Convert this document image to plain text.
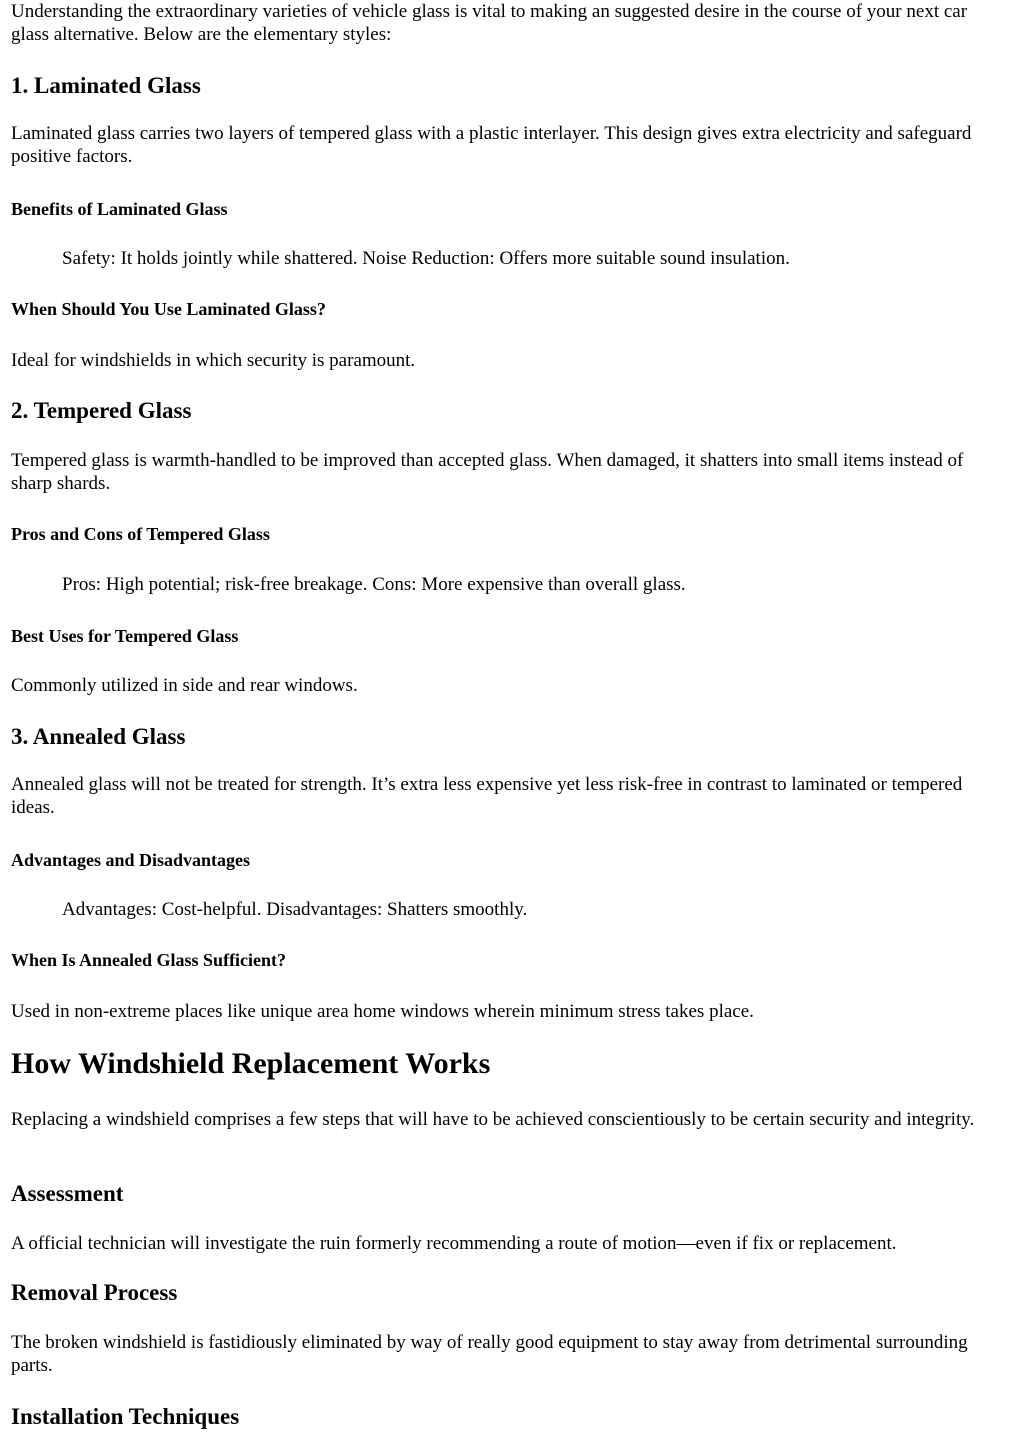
Understanding the extraordinary varieties of vehicle glass is vital to making an suggested desire in the course of your next car glass alternative. Below are the elementary styles:

1. Laminated Glass

Laminated glass carries two layers of tempered glass with a plastic interlayer. This design gives extra electricity and safeguard positive factors.

Benefits of Laminated Glass

Safety: It holds jointly while shattered. Noise Reduction: Offers more suitable sound insulation.

When Should You Use Laminated Glass?

Ideal for windshields in which security is paramount.

2. Tempered Glass

Tempered glass is warmth-handled to be improved than accepted glass. When damaged, it shatters into small items instead of sharp shards.

Pros and Cons of Tempered Glass

Pros: High potential; risk-free breakage. Cons: More expensive than overall glass.

Best Uses for Tempered Glass

Commonly utilized in side and rear windows.

3. Annealed Glass

Annealed glass will not be treated for strength. It’s extra less expensive yet less risk-free in contrast to laminated or tempered ideas.

Advantages and Disadvantages

Advantages: Cost-helpful. Disadvantages: Shatters smoothly.

When Is Annealed Glass Sufficient?

Used in non-extreme places like unique area home windows wherein minimum stress takes place.

How Windshield Replacement Works

Replacing a windshield comprises a few steps that will have to be achieved conscientiously to be certain security and integrity.

Assessment

A official technician will investigate the ruin formerly recommending a route of motion—even if fix or replacement.

Removal Process

The broken windshield is fastidiously eliminated by way of really good equipment to stay away from detrimental surrounding parts.

Installation Techniques
